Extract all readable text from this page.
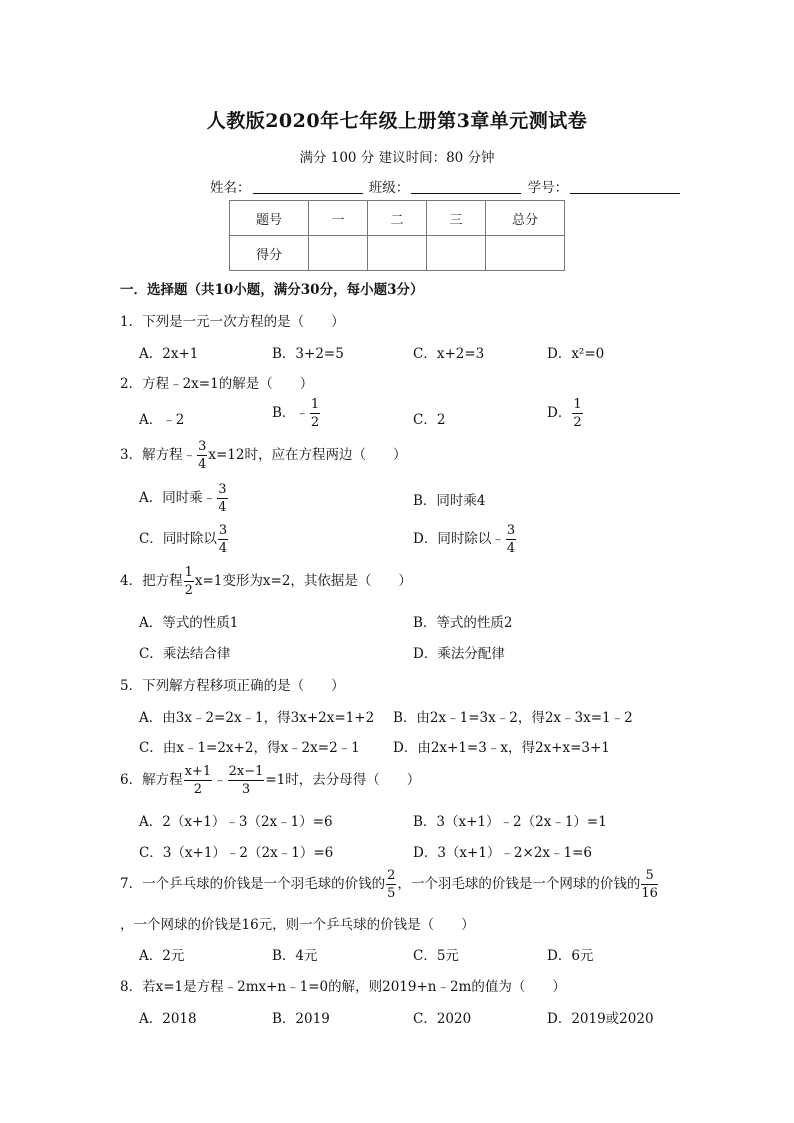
人教版2020年七年级上册第3章单元测试卷
满分 100 分 建议时间：80 分钟
姓名：	班级：	学号：
题号	一	二	三	总分
得分				
一．选择题（共10小题，满分30分，每小题3分）
1．下列是一元一次方程的是（　　）
A．2x+1	B．3+2=5	C．x+2=3	D．x²=0
2．方程﹣2x=1的解是（　　）
A．﹣2	B．﹣ $\frac{1}{2}$	C．2	D． $\frac{1}{2}$
3．解方程﹣ $\frac{3}{4} x=12$时，应在方程两边（　　）
A．同时乘﹣ $\frac{3}{4}$	B．同时乘4
C．同时除以 $\frac{3}{4}$	D．同时除以﹣ $\frac{3}{4}$
4．把方程 $\frac{1}{2} x=1$变形为x=2，其依据是（　　）
A．等式的性质1	B．等式的性质2
C．乘法结合律	D．乘法分配律
5．下列解方程移项正确的是（　　）
A．由3x﹣2=2x﹣1，得3x+2x=1+2 B．由2x﹣1=3x﹣2，得2x﹣3x=1﹣2
C．由x﹣1=2x+2，得x﹣2x=2﹣1 D．由2x+1=3﹣x，得2x+x=3+1
6．解方程 $\frac{x+1}{2}$ ﹣ $\frac{2x-1}{3} =1$时，去分母得（　　）
A．2（x+1）﹣3（2x﹣1）=6	B．3（x+1）﹣2（2x﹣1）=1
C．3（x+1）﹣2（2x﹣1）=6	D．3（x+1）﹣2×2x﹣1=6
7．一个乒乓球的价钱是一个羽毛球的价钱的 $\frac{2}{5}$ ，一个羽毛球的价钱是一个网球的价钱的 $\frac{5}{16}$
，一个网球的价钱是16元，则一个乒乓球的价钱是（　　）
A．2元	B．4元	C．5元	D．6元
8．若x=1是方程﹣2mx+n﹣1=0的解，则2019+n﹣2m的值为（　　）
A．2018	B．2019	C．2020	D．2019或2020
